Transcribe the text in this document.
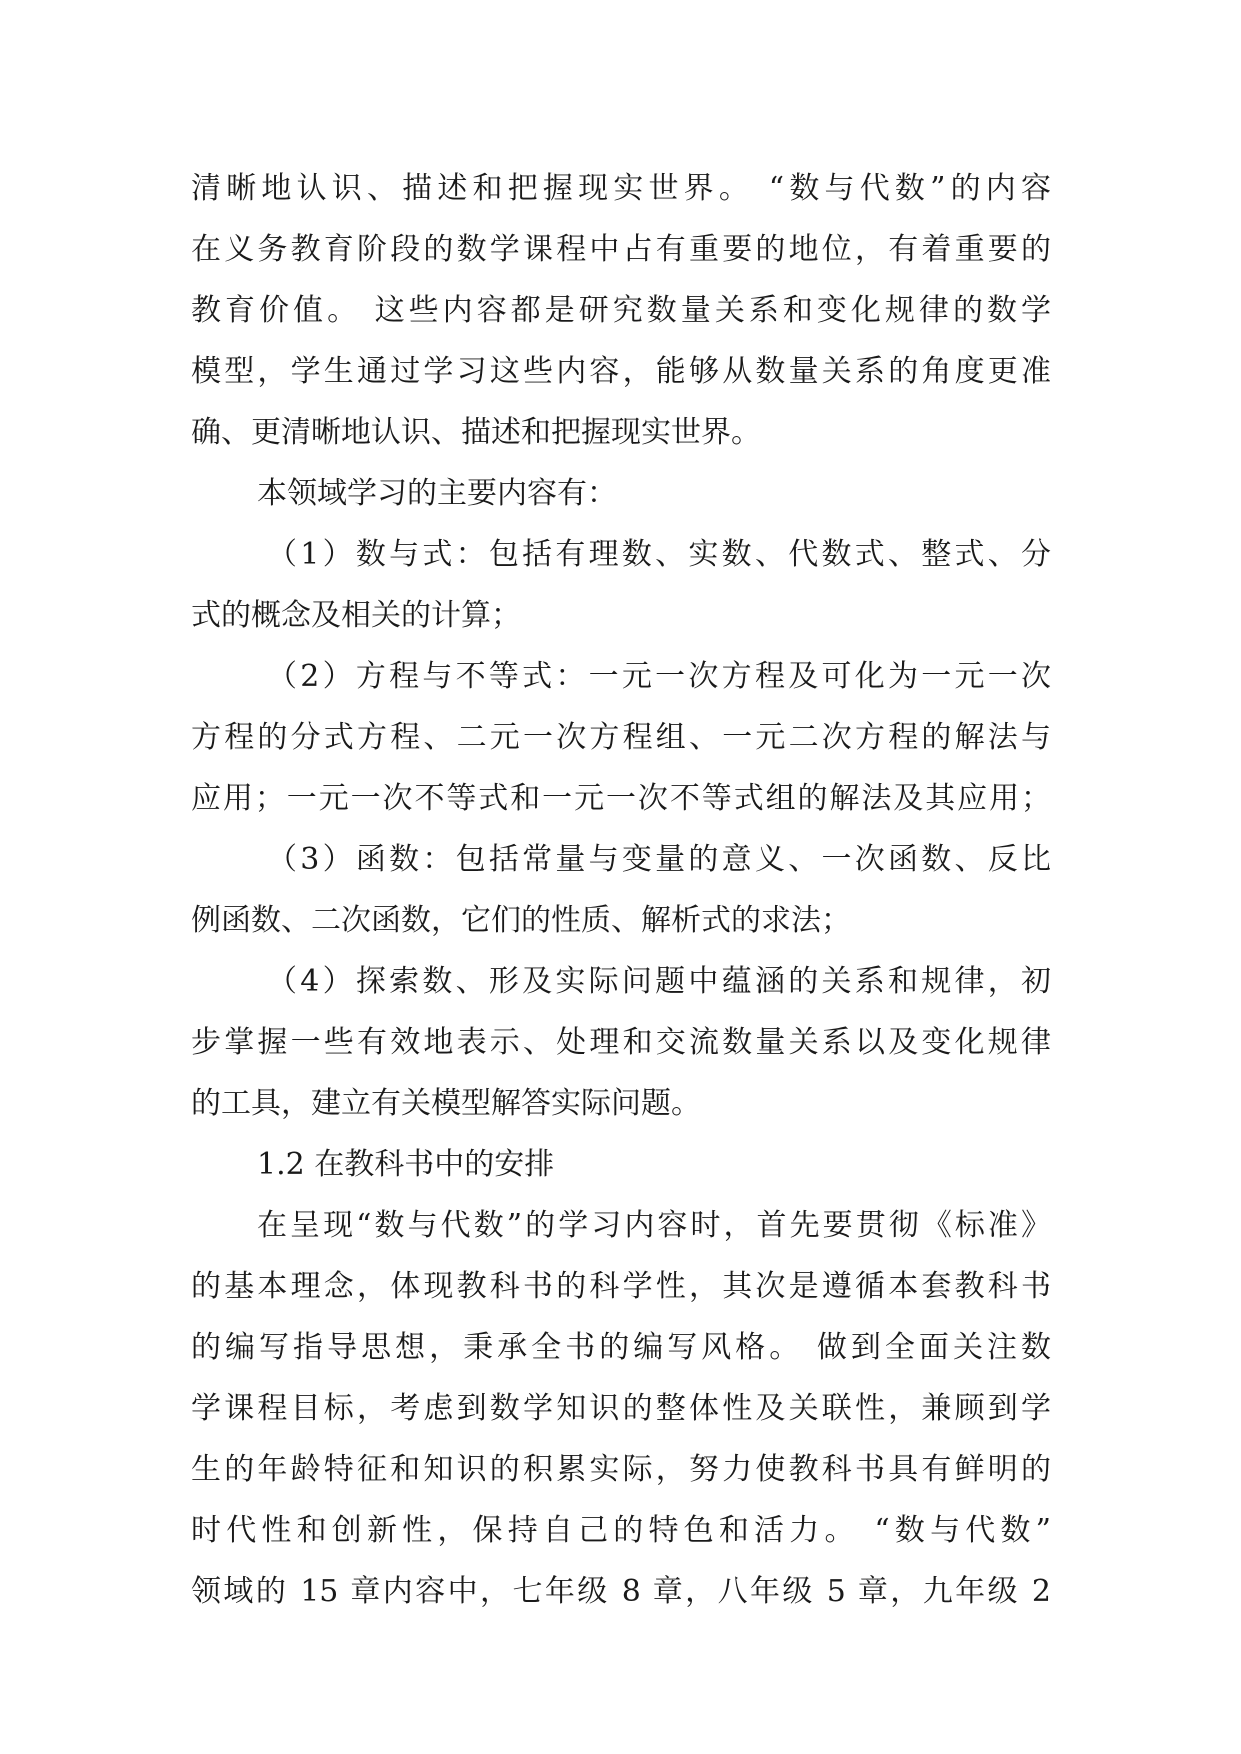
清晰地认识、描述和把握现实世界。 “数与代数”的内容
在义务教育阶段的数学课程中占有重要的地位，有着重要的
教育价值。 这些内容都是研究数量关系和变化规律的数学
模型，学生通过学习这些内容，能够从数量关系的角度更准
确、更清晰地认识、描述和把握现实世界。
本领域学习的主要内容有：
（1）数与式：包括有理数、实数、代数式、整式、分
式的概念及相关的计算；
（2）方程与不等式：一元一次方程及可化为一元一次
方程的分式方程、二元一次方程组、一元二次方程的解法与
应用；一元一次不等式和一元一次不等式组的解法及其应用；
（3）函数：包括常量与变量的意义、一次函数、反比
例函数、二次函数，它们的性质、解析式的求法；
（4）探索数、形及实际问题中蕴涵的关系和规律，初
步掌握一些有效地表示、处理和交流数量关系以及变化规律
的工具，建立有关模型解答实际问题。
1.2 在教科书中的安排
在呈现“数与代数”的学习内容时，首先要贯彻《标准》
的基本理念，体现教科书的科学性，其次是遵循本套教科书
的编写指导思想，秉承全书的编写风格。 做到全面关注数
学课程目标，考虑到数学知识的整体性及关联性，兼顾到学
生的年龄特征和知识的积累实际，努力使教科书具有鲜明的
时代性和创新性，保持自己的特色和活力。 “数与代数”
领域的 15 章内容中，七年级 8 章，八年级 5 章，九年级 2
